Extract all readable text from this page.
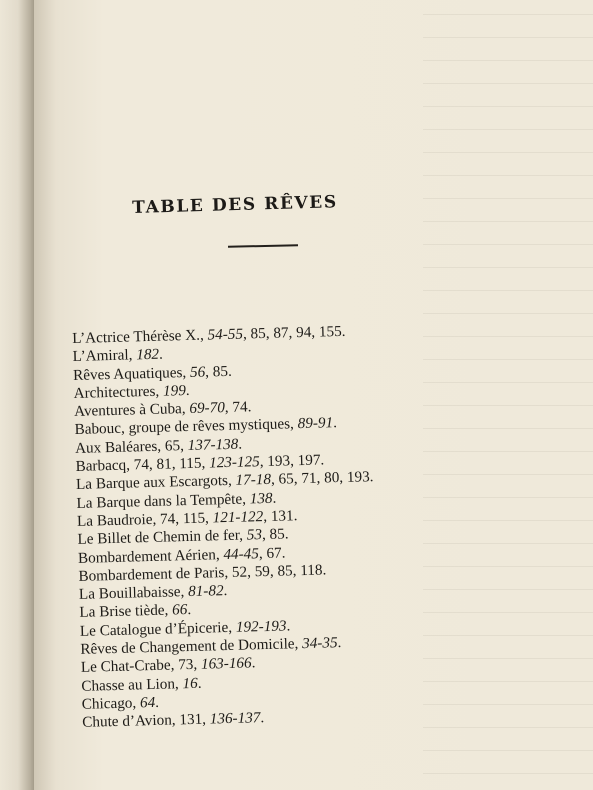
TABLE DES RÊVES
L’Actrice Thérèse X., 54-55, 85, 87, 94, 155.
L’Amiral, 182.
Rêves Aquatiques, 56, 85.
Architectures, 199.
Aventures à Cuba, 69-70, 74.
Babouc, groupe de rêves mystiques, 89-91.
Aux Baléares, 65, 137-138.
Barbacq, 74, 81, 115, 123-125, 193, 197.
La Barque aux Escargots, 17-18, 65, 71, 80, 193.
La Barque dans la Tempête, 138.
La Baudroie, 74, 115, 121-122, 131.
Le Billet de Chemin de fer, 53, 85.
Bombardement Aérien, 44-45, 67.
Bombardement de Paris, 52, 59, 85, 118.
La Bouillabaisse, 81-82.
La Brise tiède, 66.
Le Catalogue d’Épicerie, 192-193.
Rêves de Changement de Domicile, 34-35.
Le Chat-Crabe, 73, 163-166.
Chasse au Lion, 16.
Chicago, 64.
Chute d’Avion, 131, 136-137.
